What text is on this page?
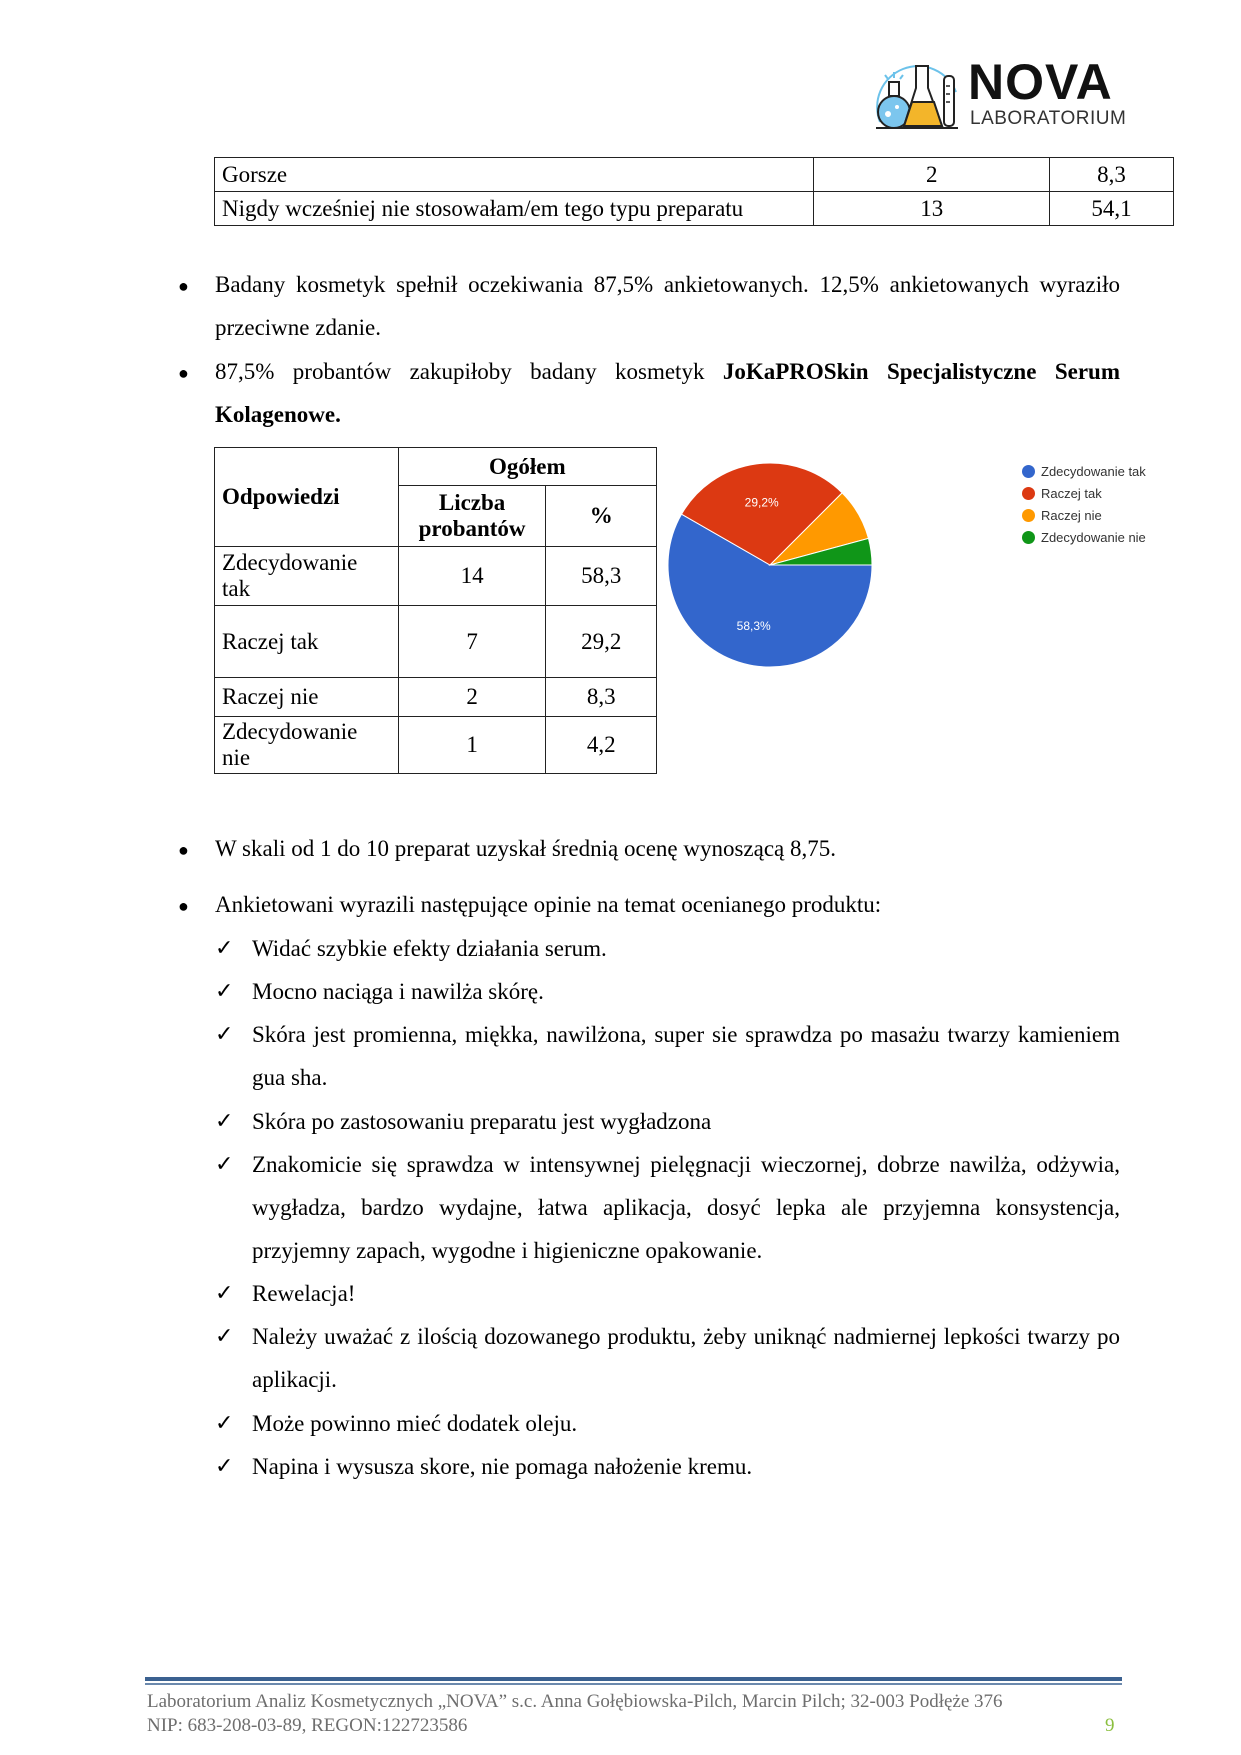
NOVA
LABORATORIUM
Gorsze	2	8,3
Nigdy wcześniej nie stosowałam/em tego typu preparatu	13	54,1
● Badany kosmetyk spełnił oczekiwania 87,5% ankietowanych. 12,5% ankietowanych wyraziło przeciwne zdanie.
● 87,5% probantów zakupiłoby badany kosmetyk JoKaPROSkin Specjalistyczne Serum Kolagenowe.
Odpowiedzi	Ogółem	
	Liczba probantów	%
Zdecydowanie tak	14	58,3
Raczej tak	7	29,2
Raczej nie	2	8,3
Zdecydowanie nie	1	4,2
58,3%
29,2%
Zdecydowanie tak
Raczej tak
Raczej nie
Zdecydowanie nie
● W skali od 1 do 10 preparat uzyskał średnią ocenę wynoszącą 8,75.
● Ankietowani wyrazili następujące opinie na temat ocenianego produktu:
✓ Widać szybkie efekty działania serum.
✓ Mocno naciąga i nawilża skórę.
✓ Skóra jest promienna, miękka, nawilżona, super sie sprawdza po masażu twarzy kamieniem gua sha.
✓ Skóra po zastosowaniu preparatu jest wygładzona
✓ Znakomicie się sprawdza w intensywnej pielęgnacji wieczornej, dobrze nawilża, odżywia, wygładza, bardzo wydajne, łatwa aplikacja, dosyć lepka ale przyjemna konsystencja, przyjemny zapach, wygodne i higieniczne opakowanie.
✓ Rewelacja!
✓ Należy uważać z ilością dozowanego produktu, żeby uniknąć nadmiernej lepkości twarzy po aplikacji.
✓ Może powinno mieć dodatek oleju.
✓ Napina i wysusza skore, nie pomaga nałożenie kremu.
Laboratorium Analiz Kosmetycznych „NOVA” s.c. Anna Gołębiowska-Pilch, Marcin Pilch; 32-003 Podłęże 376
NIP: 683-208-03-89, REGON:122723586	9
